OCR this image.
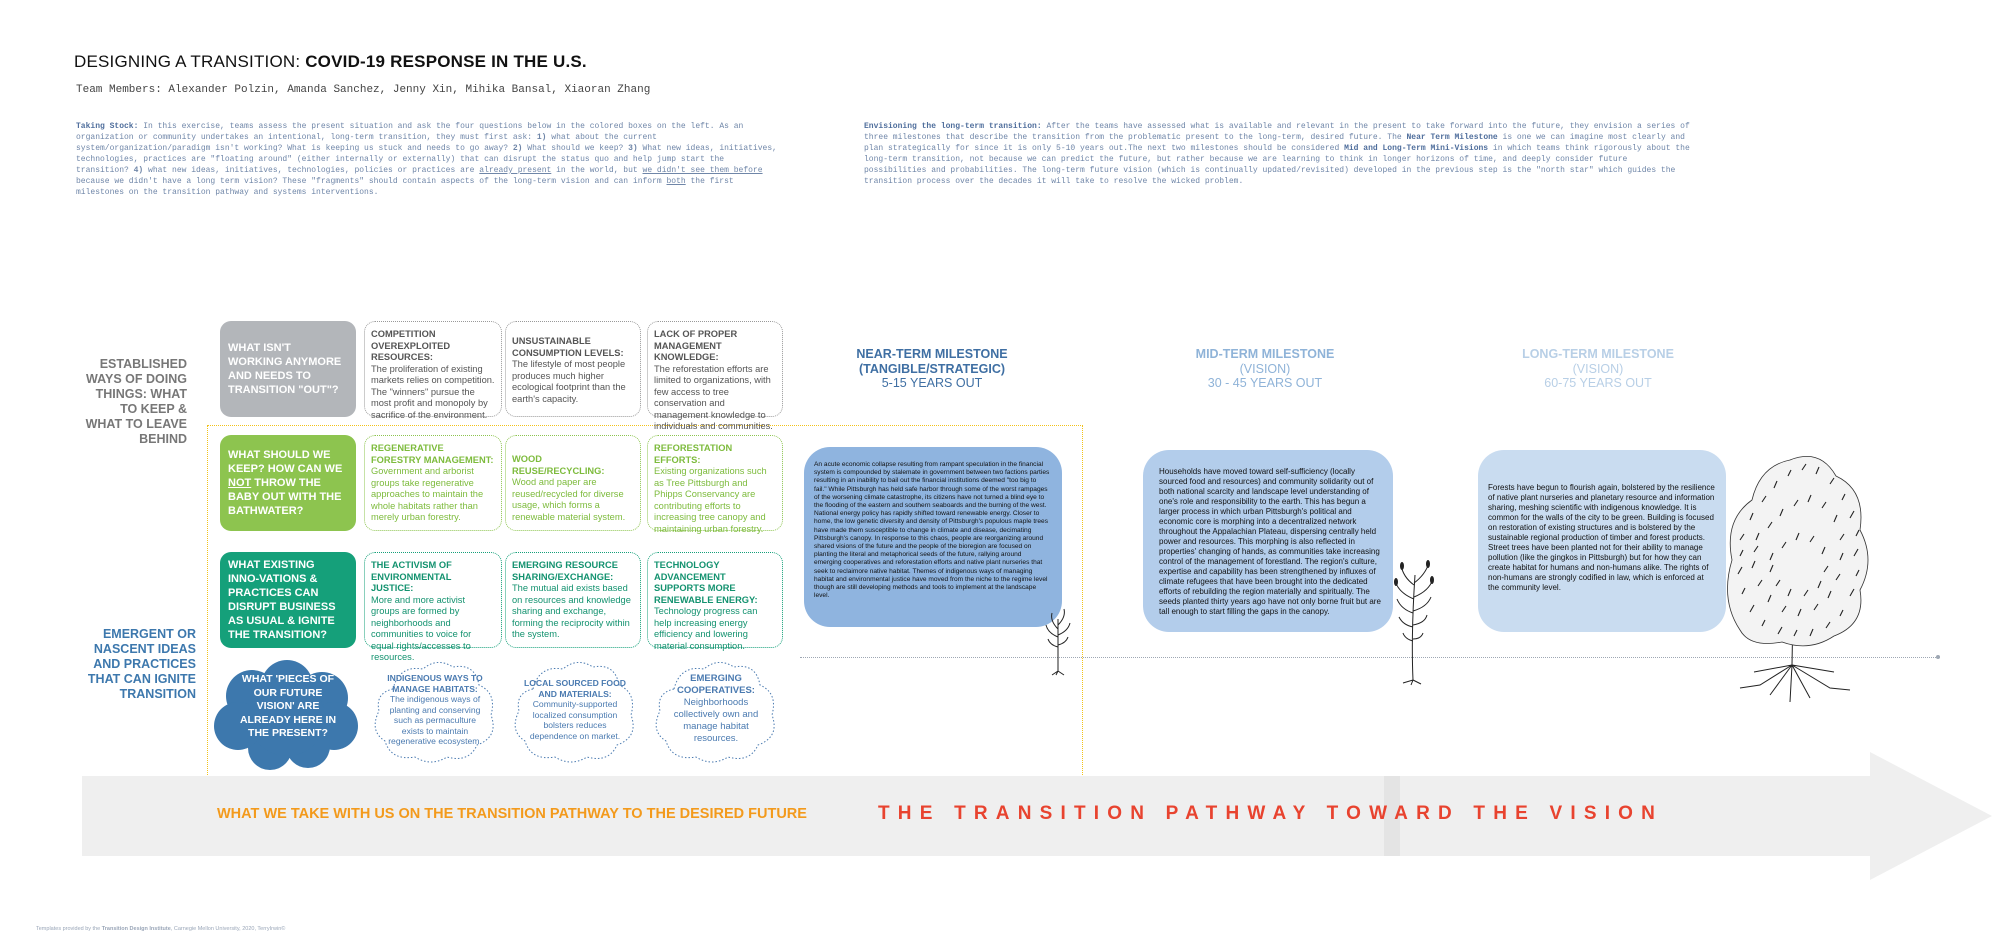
DESIGNING A TRANSITION: COVID-19 RESPONSE IN THE U.S.
Team Members: Alexander Polzin, Amanda Sanchez, Jenny Xin, Mihika Bansal, Xiaoran Zhang
Taking Stock: In this exercise, teams assess the present situation and ask the four questions below in the colored boxes on the left. As an organization or community undertakes an intentional, long-term transition, they must first ask: 1) what about the current system/organization/paradigm isn't working? What is keeping us stuck and needs to go away? 2) What should we keep? 3) What new ideas, initiatives, technologies, practices are "floating around" (either internally or externally) that can disrupt the status quo and help jump start the transition? 4) what new ideas, initiatives, technologies, policies or practices are already present in the world, but we didn't see them before because we didn't have a long term vision? These "fragments" should contain aspects of the long-term vision and can inform both the first milestones on the transition pathway and systems interventions.
Envisioning the long-term transition: After the teams have assessed what is available and relevant in the present to take forward into the future, they envision a series of three milestones that describe the transition from the problematic present to the long-term, desired future. The Near Term Milestone is one we can imagine most clearly and plan strategically for since it is only 5-10 years out.The next two milestones should be considered Mid and Long-Term Mini-Visions in which teams think rigorously about the long-term transition, not because we can predict the future, but rather because we are learning to think in longer horizons of time, and deeply consider future possibilities and probabilities. The long-term future vision (which is continually updated/revisited) developed in the previous step is the "north star" which guides the transition process over the decades it will take to resolve the wicked problem.
ESTABLISHED WAYS OF DOING THINGS: WHAT TO KEEP & WHAT TO LEAVE BEHIND
EMERGENT OR NASCENT IDEAS AND PRACTICES THAT CAN IGNITE TRANSITION
WHAT ISN'T WORKING ANYMORE AND NEEDS TO TRANSITION "OUT"?
COMPETITION OVEREXPLOITED RESOURCES:
The proliferation of existing markets relies on competition. The "winners" pursue the most profit and monopoly by sacrifice of the environment.
UNSUSTAINABLE CONSUMPTION LEVELS:
The lifestyle of most people produces much higher ecological footprint than the earth's capacity.
LACK OF PROPER MANAGEMENT KNOWLEDGE:
The reforestation efforts are limited to organizations, with few access to tree conservation and management knowledge to individuals and communities.
WHAT SHOULD WE KEEP? HOW CAN WE NOT THROW THE BABY OUT WITH THE BATHWATER?
REGENERATIVE FORESTRY MANAGEMENT:
Government and arborist groups take regenerative approaches to maintain the whole habitats rather than merely urban forestry.
WOOD REUSE/RECYCLING:
Wood and paper are reused/recycled for diverse usage, which forms a renewable material system.
REFORESTATION EFFORTS:
Existing organizations such as Tree Pittsburgh and Phipps Conservancy are contributing efforts to increasing tree canopy and maintaining urban forestry.
WHAT EXISTING INNO-VATIONS & PRACTICES CAN DISRUPT BUSINESS AS USUAL & IGNITE THE TRANSITION?
THE ACTIVISM OF ENVIRONMENTAL JUSTICE:
More and more activist groups are formed by neighborhoods and communities to voice for equal rights/accesses to resources.
EMERGING RESOURCE SHARING/EXCHANGE:
The mutual aid exists based on resources and knowledge sharing and exchange, forming the reciprocity within the system.
TECHNOLOGY ADVANCEMENT SUPPORTS MORE RENEWABLE ENERGY:
Technology progress can help increasing energy efficiency and lowering material consumption.
WHAT 'PIECES OF OUR FUTURE VISION' ARE ALREADY HERE IN THE PRESENT?
INDIGENOUS WAYS TO MANAGE HABITATS:
The indigenous ways of planting and conserving such as permaculture exists to maintain regenerative ecosystem.
LOCAL SOURCED FOOD AND MATERIALS:
Community-supported localized consumption bolsters reduces dependence on market.
EMERGING COOPERATIVES:
Neighborhoods collectively own and manage habitat resources.
NEAR-TERM MILESTONE
(TANGIBLE/STRATEGIC)
5-15 YEARS OUT
MID-TERM MILESTONE
(VISION)
30 - 45 YEARS OUT
LONG-TERM MILESTONE
(VISION)
60-75 YEARS OUT
An acute economic collapse resulting from rampant speculation in the financial system is compounded by stalemate in government between two factions parties resulting in an inability to bail out the financial institutions deemed "too big to fail." While Pittsburgh has held safe harbor through some of the worst rampages of the worsening climate catastrophe, its citizens have not turned a blind eye to the flooding of the eastern and southern seaboards and the burning of the west. National energy policy has rapidly shifted toward renewable energy. Closer to home, the low genetic diversity and density of Pittsburgh's populous maple trees have made them susceptible to change in climate and disease, decimating Pittsburgh's canopy. In response to this chaos, people are reorganizing around shared visions of the future and the people of the bioregion are focused on planting the literal and metaphorical seeds of the future, rallying around emerging cooperatives and reforestation efforts and native plant nurseries that seek to reclaimore native habitat. Themes of indigenous ways of managing habitat and environmental justice have moved from the niche to the regime level though are still developing methods and tools to implement at the landscape level.
Households have moved toward self-sufficiency (locally sourced food and resources) and community solidarity out of both national scarcity and landscape level understanding of one's role and responsibility to the earth. This has begun a larger process in which urban Pittsburgh's political and economic core is morphing into a decentralized network throughout the Appalachian Plateau, dispersing centrally held power and resources. This morphing is also reflected in properties' changing of hands, as communities take increasing control of the management of forestland. The region's culture, expertise and capability has been strengthened by influxes of climate refugees that have been brought into the dedicated efforts of rebuilding the region materially and spiritually. The seeds planted thirty years ago have not only borne fruit but are tall enough to start filling the gaps in the canopy.
Forests have begun to flourish again, bolstered by the resilience of native plant nurseries and planetary resource and information sharing, meshing scientific with indigenous knowledge. It is common for the walls of the city to be green. Building is focused on restoration of existing structures and is bolstered by the sustainable regional production of timber and forest products. Street trees have been planted not for their ability to manage pollution (like the gingkos in Pittsburgh) but for how they can create habitat for humans and non-humans alike. The rights of non-humans are strongly codified in law, which is enforced at the community level.
WHAT WE TAKE WITH US ON THE TRANSITION PATHWAY TO THE DESIRED FUTURE	THE TRANSITION PATHWAY TOWARD THE VISION
Templates provided by the Transition Design Institute, Carnegie Mellon University, 2020, TerryIrwin©
